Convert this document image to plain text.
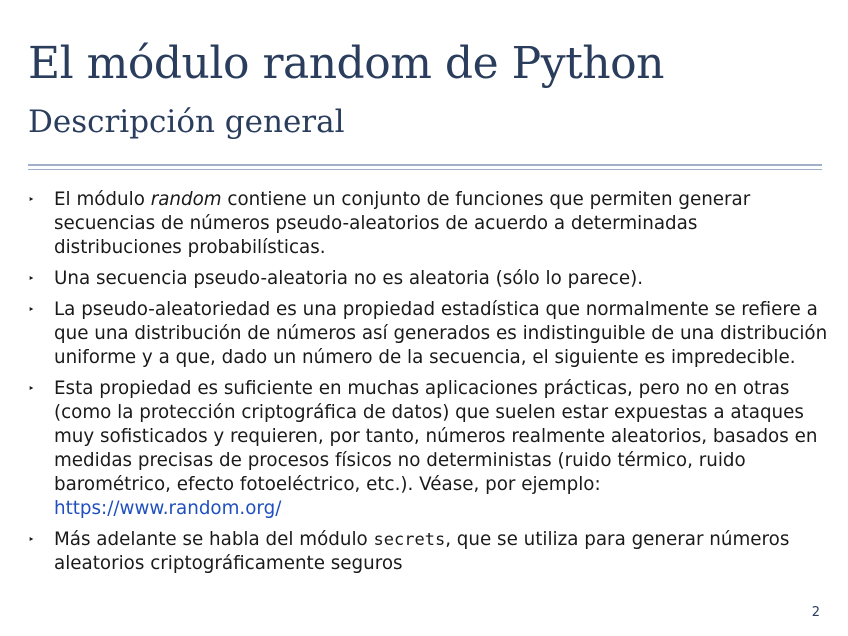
El módulo random de Python
Descripción general
‣ El módulo random contiene un conjunto de funciones que permiten generar secuencias de números pseudo-aleatorios de acuerdo a determinadas distribuciones probabilísticas.
‣ Una secuencia pseudo-aleatoria no es aleatoria (sólo lo parece).
‣ La pseudo-aleatoriedad es una propiedad estadística que normalmente se refiere a que una distribución de números así generados es indistinguible de una distribución uniforme y a que, dado un número de la secuencia, el siguiente es impredecible.
‣ Esta propiedad es suficiente en muchas aplicaciones prácticas, pero no en otras (como la protección criptográfica de datos) que suelen estar expuestas a ataques muy sofisticados y requieren, por tanto, números realmente aleatorios, basados en medidas precisas de procesos físicos no deterministas (ruido térmico, ruido barométrico, efecto fotoeléctrico, etc.). Véase, por ejemplo: https://www.random.org/
‣ Más adelante se habla del módulo secrets, que se utiliza para generar números aleatorios criptográficamente seguros
2
